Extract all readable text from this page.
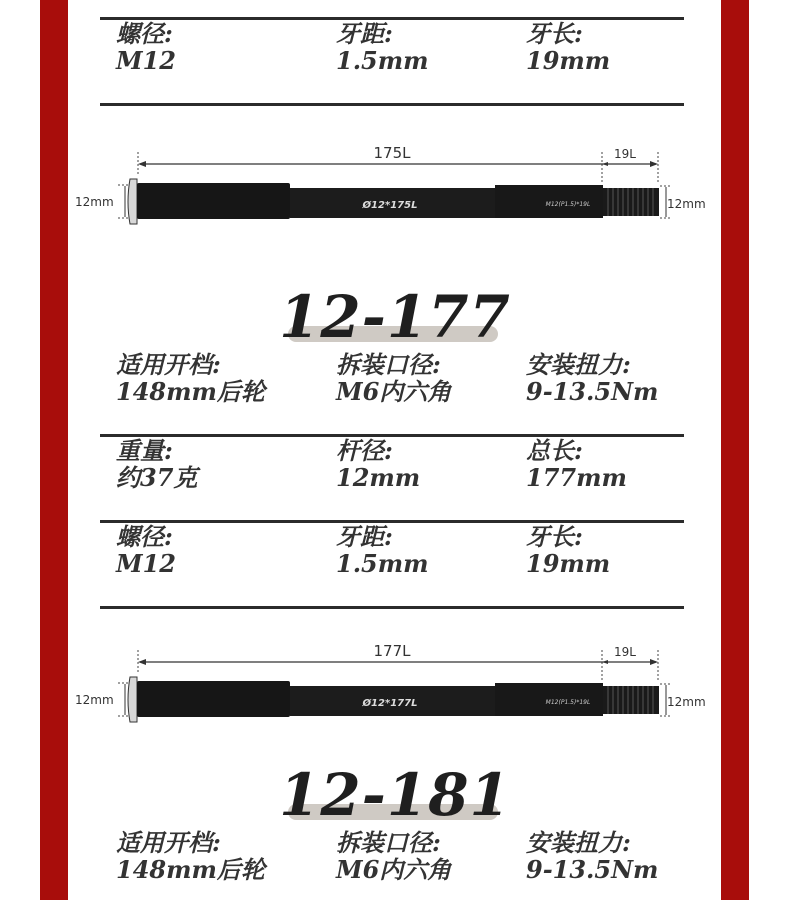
螺径:
M12
牙距:
1.5mm
牙长:
19mm
175L	19L
12mm	Ø12*175L	M12(P1.5)*19L	12mm
12-177
适用开档:
148mm后轮
拆装口径:
M6内六角
安装扭力:
9-13.5Nm
重量:
约37克
杆径:
12mm
总长:
177mm
螺径:
M12
牙距:
1.5mm
牙长:
19mm
177L	19L
12mm	Ø12*177L	M12(P1.5)*19L	12mm
12-181
适用开档:
148mm后轮
拆装口径:
M6内六角
安装扭力:
9-13.5Nm
